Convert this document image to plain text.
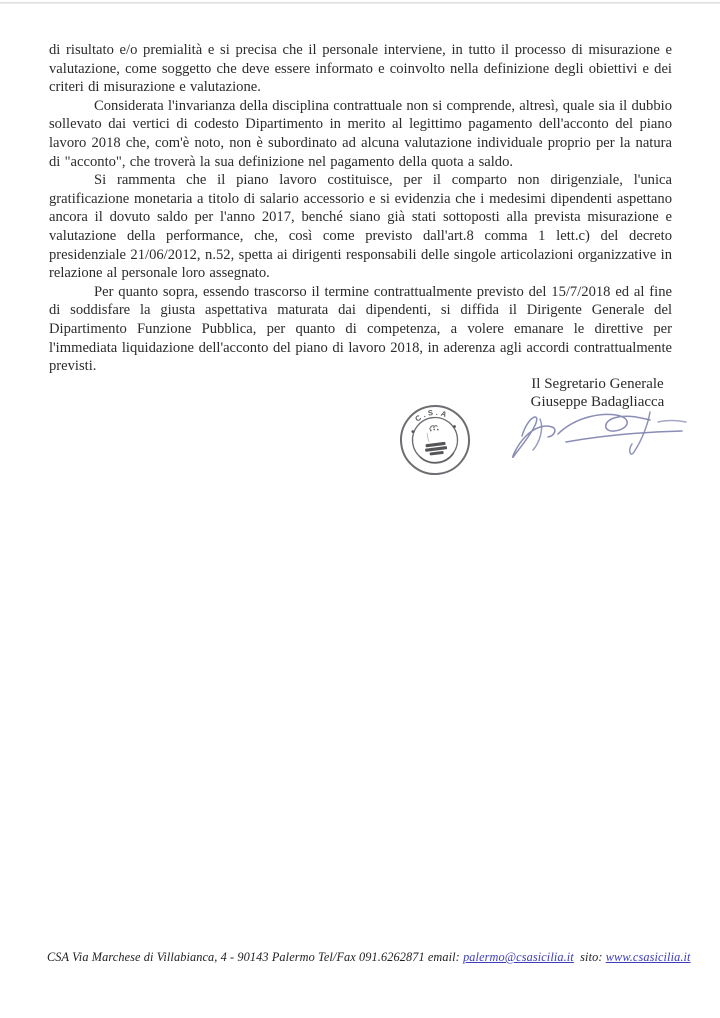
di risultato e/o premialità e si precisa che il personale interviene, in tutto il processo di misurazione e valutazione, come soggetto che deve essere informato e coinvolto nella definizione degli obiettivi e dei criteri di misurazione e valutazione.

Considerata l'invarianza della disciplina contrattuale non si comprende, altresì, quale sia il dubbio sollevato dai vertici di codesto Dipartimento in merito al legittimo pagamento dell'acconto del piano lavoro 2018 che, com'è noto, non è subordinato ad alcuna valutazione individuale proprio per la natura di "acconto", che troverà la sua definizione nel pagamento della quota a saldo.

Si rammenta che il piano lavoro costituisce, per il comparto non dirigenziale, l'unica gratificazione monetaria a titolo di salario accessorio e si evidenzia che i medesimi dipendenti aspettano ancora il dovuto saldo per l'anno 2017, benché siano già stati sottoposti alla prevista misurazione e valutazione della performance, che, così come previsto dall'art.8 comma 1 lett.c) del decreto presidenziale 21/06/2012, n.52, spetta ai dirigenti responsabili delle singole articolazioni organizzative in relazione al personale loro assegnato.

Per quanto sopra, essendo trascorso il termine contrattualmente previsto del 15/7/2018 ed al fine di soddisfare la giusta aspettativa maturata dai dipendenti, si diffida il Dirigente Generale del Dipartimento Funzione Pubblica, per quanto di competenza, a volere emanare le direttive per l'immediata liquidazione dell'acconto del piano di lavoro 2018, in aderenza agli accordi contrattualmente previsti.

Il Segretario Generale
Giuseppe Badagliacca
C.S.A
CSA Via Marchese di Villabianca, 4 - 90143 Palermo Tel/Fax 091.6262871 email: palermo@csasicilia.it  sito: www.csasicilia.it
